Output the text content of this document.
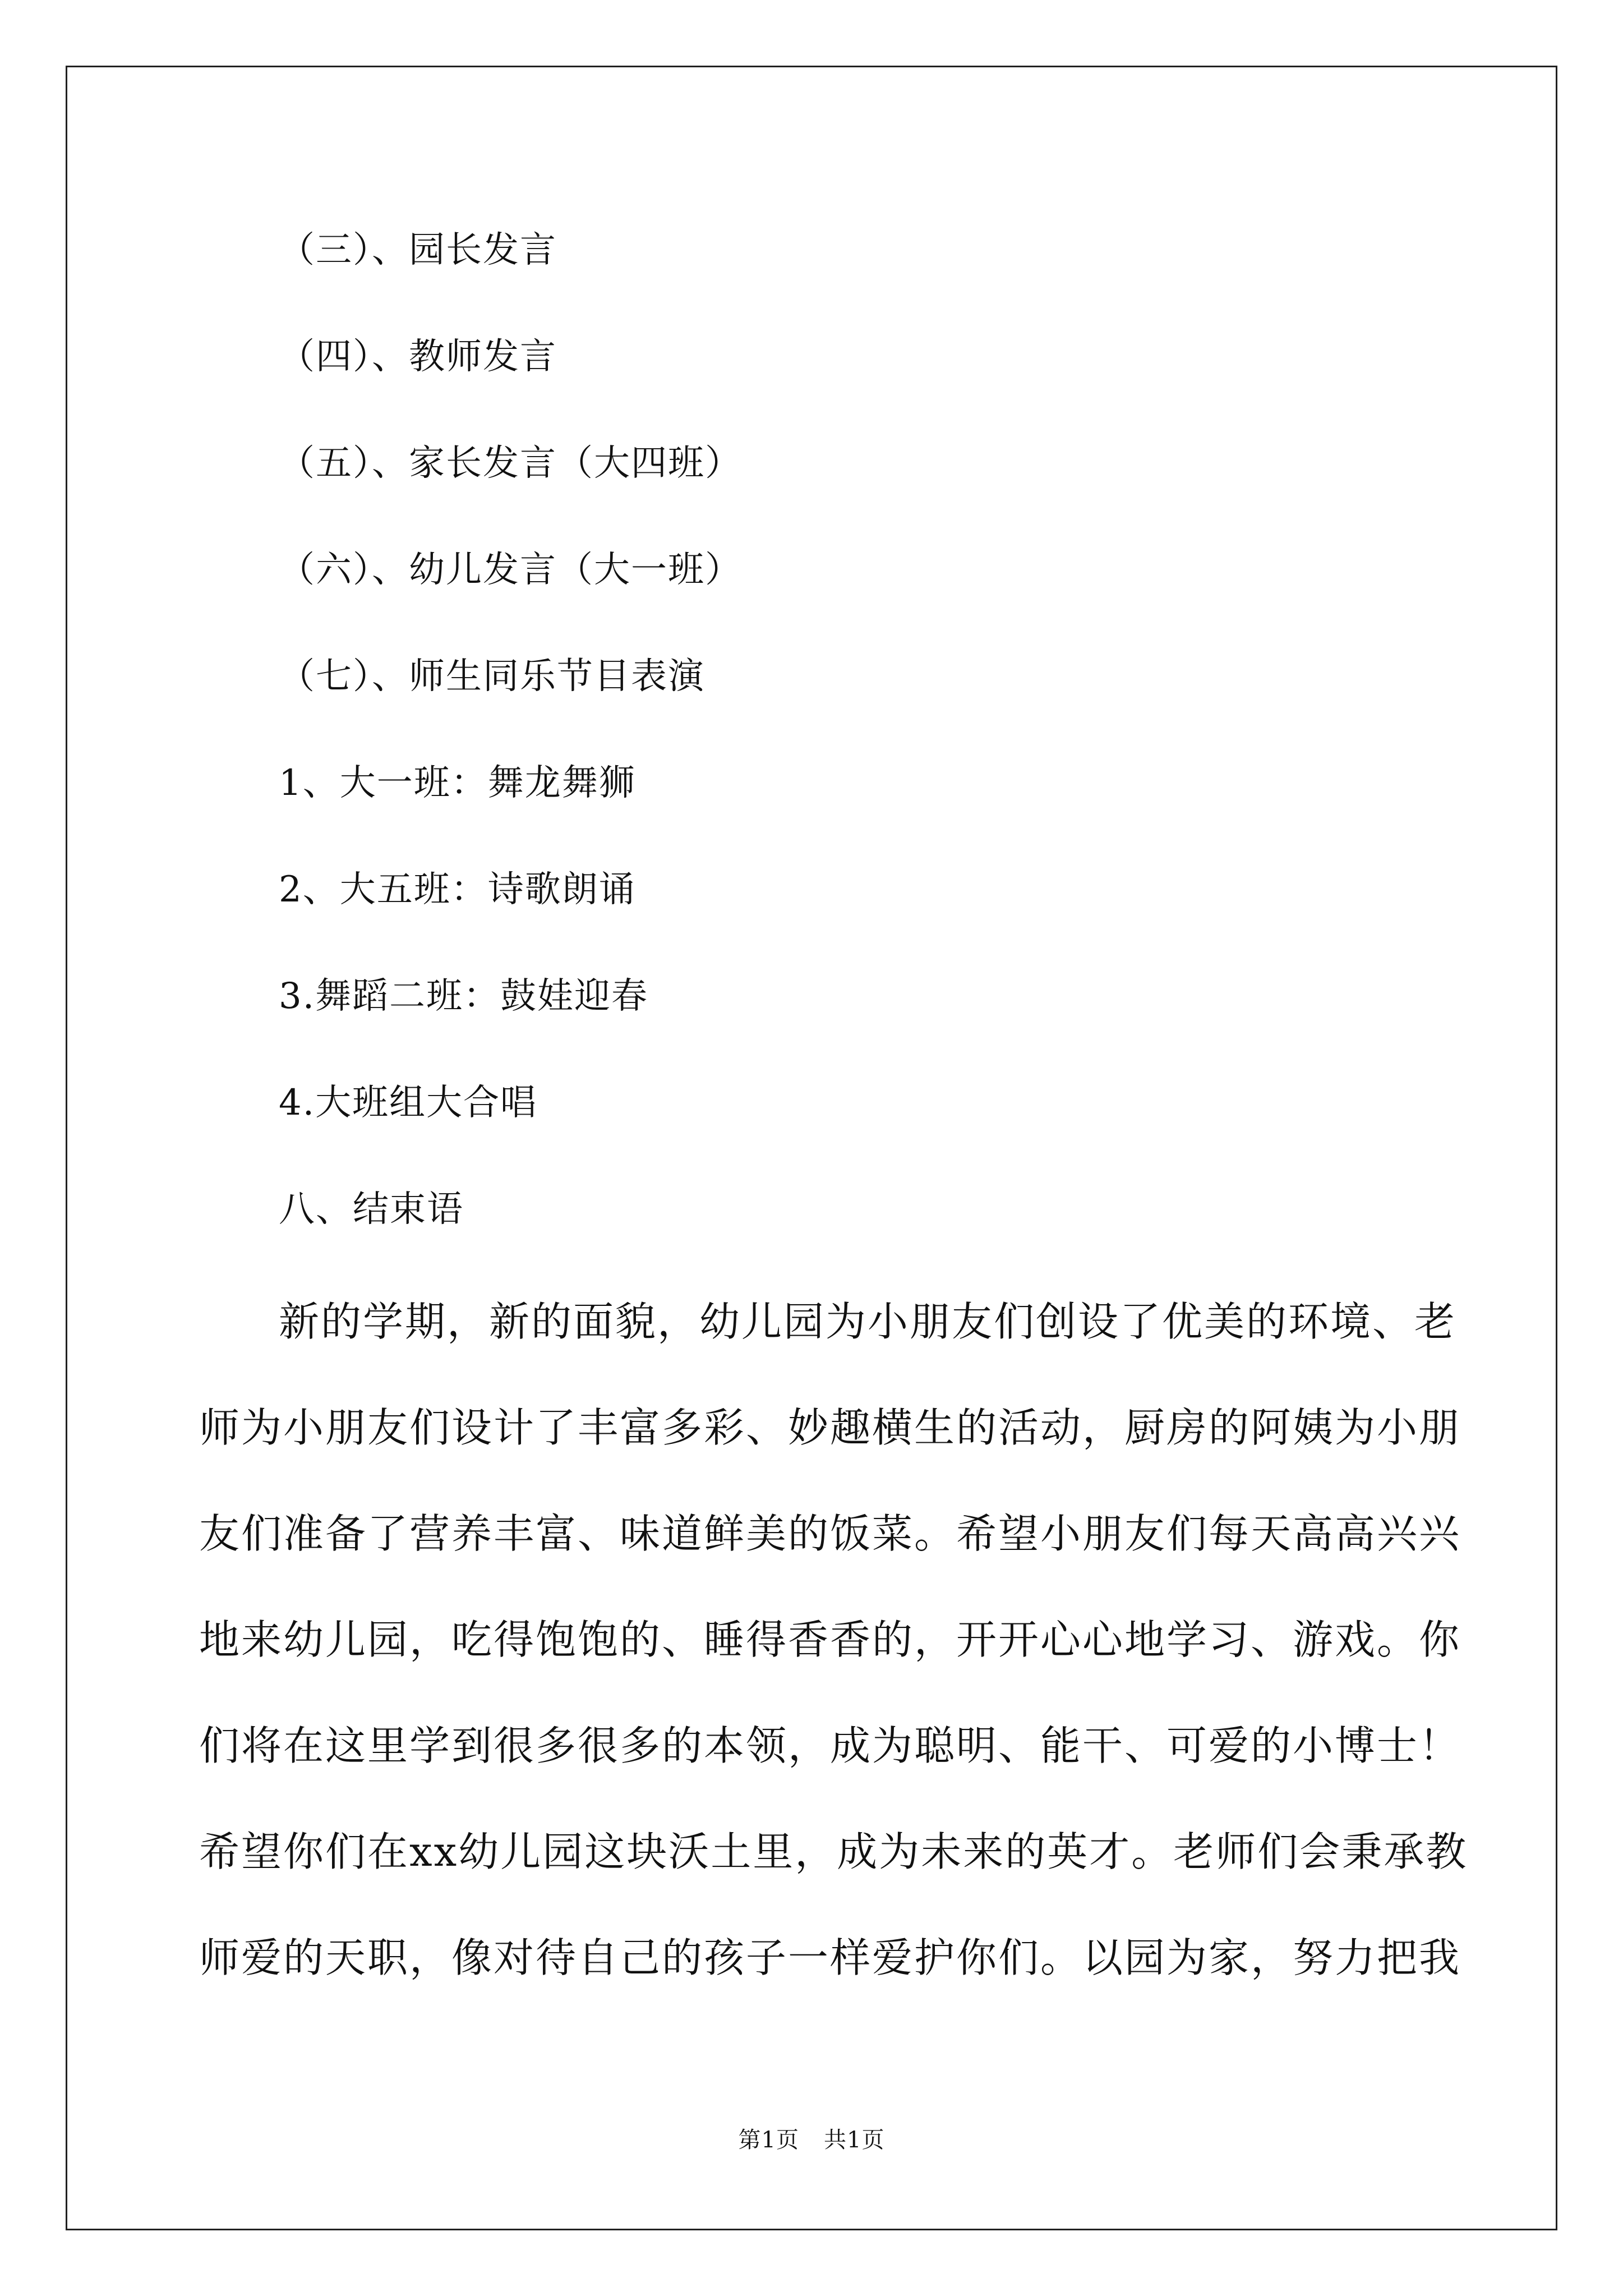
（三）、园长发言
（四）、教师发言
（五）、家长发言（大四班）
（六）、幼儿发言（大一班）
（七）、师生同乐节目表演
1、大一班：舞龙舞狮
2、大五班：诗歌朗诵
3.舞蹈二班：鼓娃迎春
4.大班组大合唱
八、结束语
新的学期，新的面貌，幼儿园为小朋友们创设了优美的环境、老
师为小朋友们设计了丰富多彩、妙趣横生的活动，厨房的阿姨为小朋
友们准备了营养丰富、味道鲜美的饭菜。希望小朋友们每天高高兴兴
地来幼儿园，吃得饱饱的、睡得香香的，开开心心地学习、游戏。你
们将在这里学到很多很多的本领，成为聪明、能干、可爱的小博士！
希望你们在xx幼儿园这块沃土里，成为未来的英才。老师们会秉承教
师爱的天职，像对待自己的孩子一样爱护你们。以园为家，努力把我
第1页 共1页
